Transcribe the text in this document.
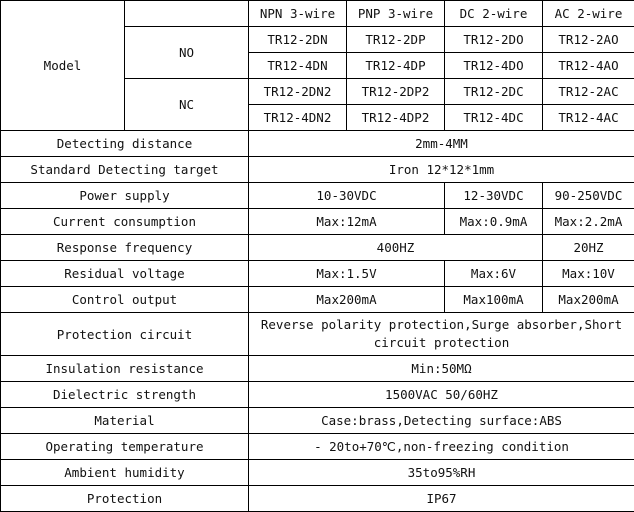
Model		NPN 3-wire	PNP 3-wire	DC 2-wire	AC 2-wire
	NO	TR12-2DN	TR12-2DP	TR12-2DO	TR12-2AO
		TR12-4DN	TR12-4DP	TR12-4DO	TR12-4AO
	NC	TR12-2DN2	TR12-2DP2	TR12-2DC	TR12-2AC
		TR12-4DN2	TR12-4DP2	TR12-4DC	TR12-4AC
Detecting distance		2mm-4MM			
Standard Detecting target		Iron 12*12*1mm			
Power supply		10-30VDC		12-30VDC	90-250VDC
Current consumption		Max:12mA		Max:0.9mA	Max:2.2mA
Response frequency		400HZ			20HZ
Residual voltage		Max:1.5V		Max:6V	Max:10V
Control output		Max200mA		Max100mA	Max200mA
Protection circuit		Reverse polarity protection,Surge absorber,Short circuit protection			
Insulation resistance		Min:50MΩ			
Dielectric strength		1500VAC 50/60HZ			
Material		Case:brass,Detecting surface:ABS			
Operating temperature		- 20to+70℃,non-freezing condition			
Ambient humidity		35to95%RH			
Protection		IP67			
